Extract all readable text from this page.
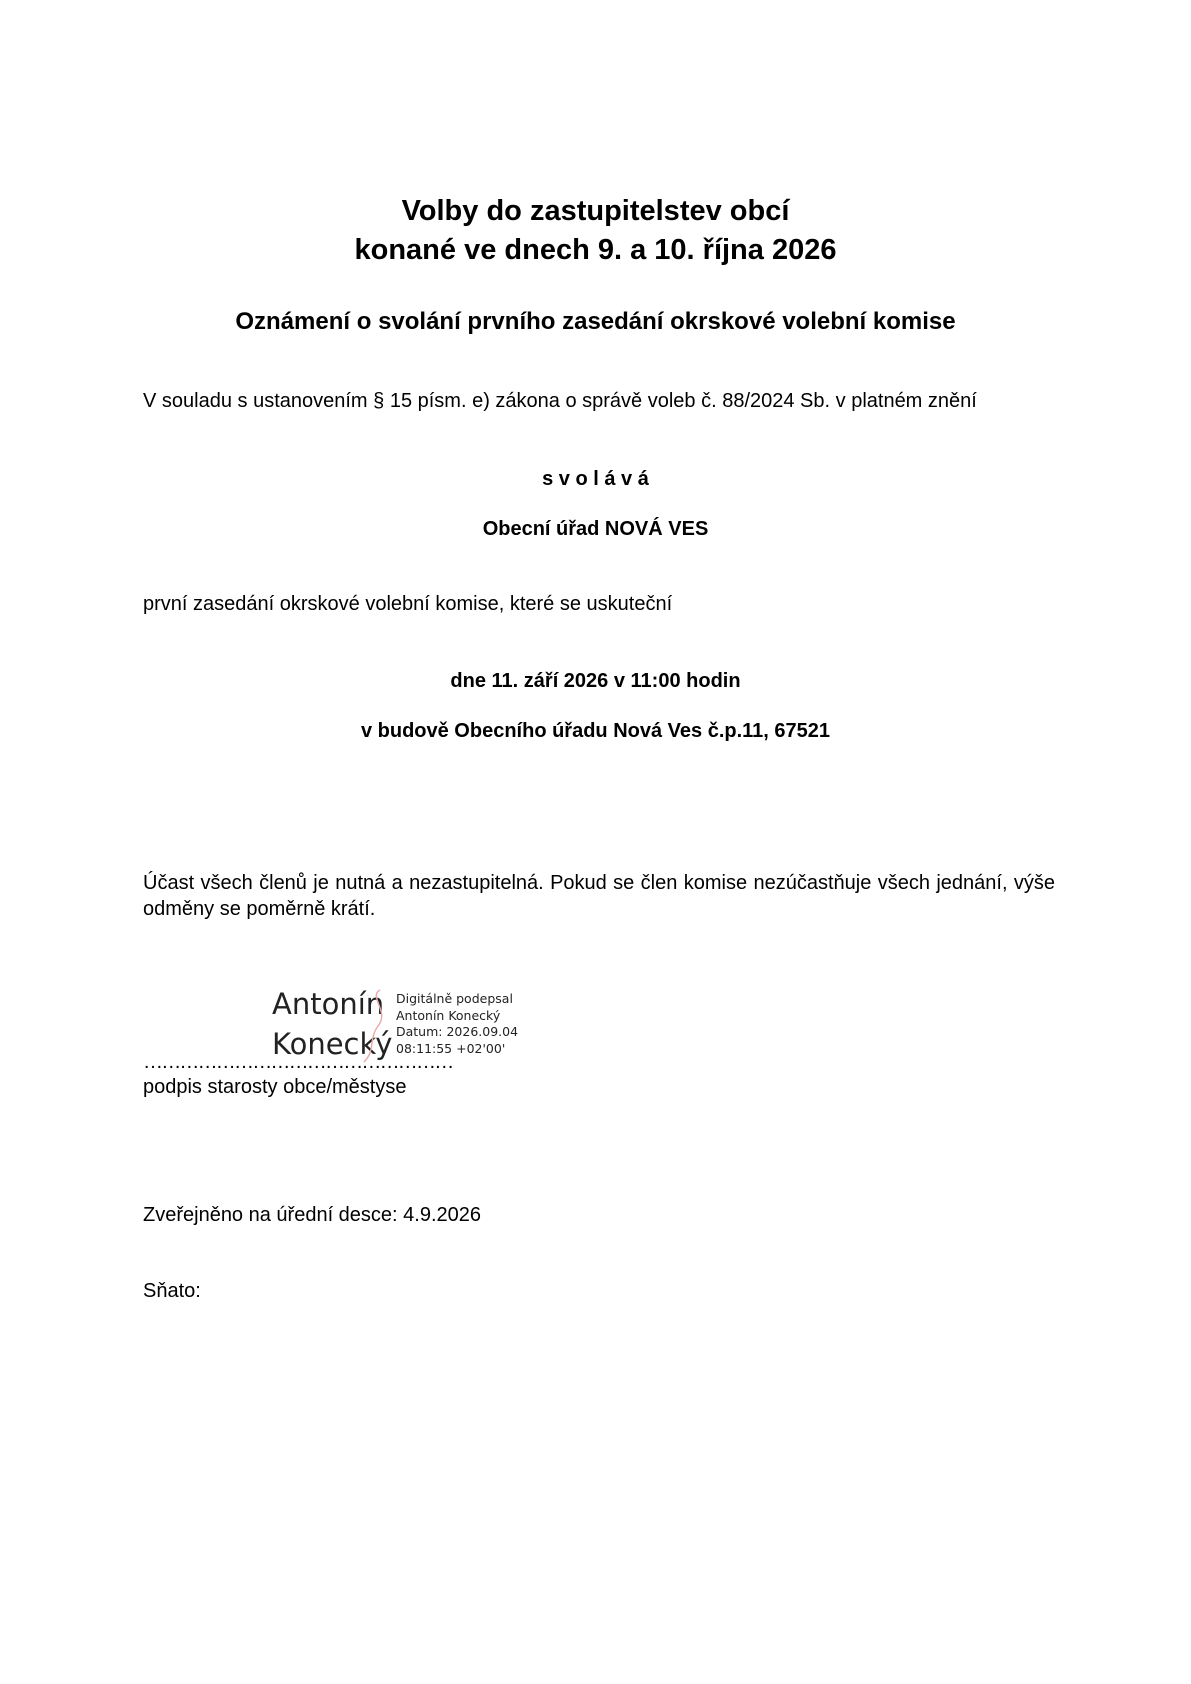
Volby do zastupitelstev obcí
konané ve dnech 9. a 10. října 2026
Oznámení o svolání prvního zasedání okrskové volební komise
V souladu s ustanovením § 15 písm. e) zákona o správě voleb č. 88/2024 Sb. v platném znění
s v o l á v á
Obecní úřad NOVÁ VES
první zasedání okrskové volební komise, které se uskuteční
dne 11. září 2026 v 11:00 hodin
v budově Obecního úřadu Nová Ves č.p.11, 67521
Účast všech členů je nutná a nezastupitelná. Pokud se člen komise nezúčastňuje všech jednání, výše odměny se poměrně krátí.
Antonín
Konecký
Digitálně podepsal
Antonín Konecký
Datum: 2026.09.04
08:11:55 +02'00'
……………………………………………
podpis starosty obce/městyse
Zveřejněno na úřední desce: 4.9.2026
Sňato:
